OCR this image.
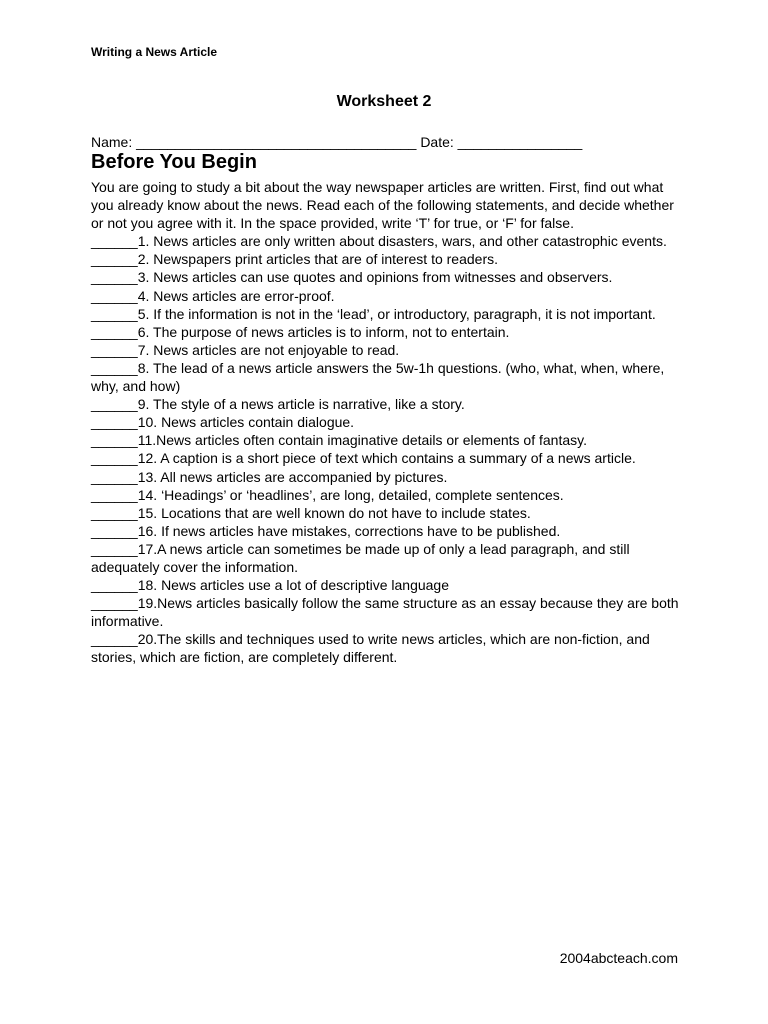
Writing a News Article
Worksheet 2
Name: ____________________________________ Date: ________________
Before You Begin

You are going to study a bit about the way newspaper articles are written. First, find out what you already know about the news. Read each of the following statements, and decide whether or not you agree with it. In the space provided, write ‘T’ for true, or ‘F’ for false.

______1. News articles are only written about disasters, wars, and other catastrophic events.
______2. Newspapers print articles that are of interest to readers.
______3. News articles can use quotes and opinions from witnesses and observers.
______4. News articles are error-proof.
______5. If the information is not in the ‘lead’, or introductory, paragraph, it is not important.
______6. The purpose of news articles is to inform, not to entertain.
______7. News articles are not enjoyable to read.
______8. The lead of a news article answers the 5w-1h questions. (who, what, when, where, why, and how)
______9. The style of a news article is narrative, like a story.
______10. News articles contain dialogue.
______11.News articles often contain imaginative details or elements of fantasy.
______12. A caption is a short piece of text which contains a summary of a news article.
______13. All news articles are accompanied by pictures.
______14. ‘Headings’ or ‘headlines’, are long, detailed, complete sentences.
______15. Locations that are well known do not have to include states.
______16. If news articles have mistakes, corrections have to be published.
______17.A news article can sometimes be made up of only a lead paragraph, and still adequately cover the information.
______18. News articles use a lot of descriptive language
______19.News articles basically follow the same structure as an essay because they are both informative.
______20.The skills and techniques used to write news articles, which are non-fiction, and stories, which are fiction, are completely different.
2004abcteach.com
